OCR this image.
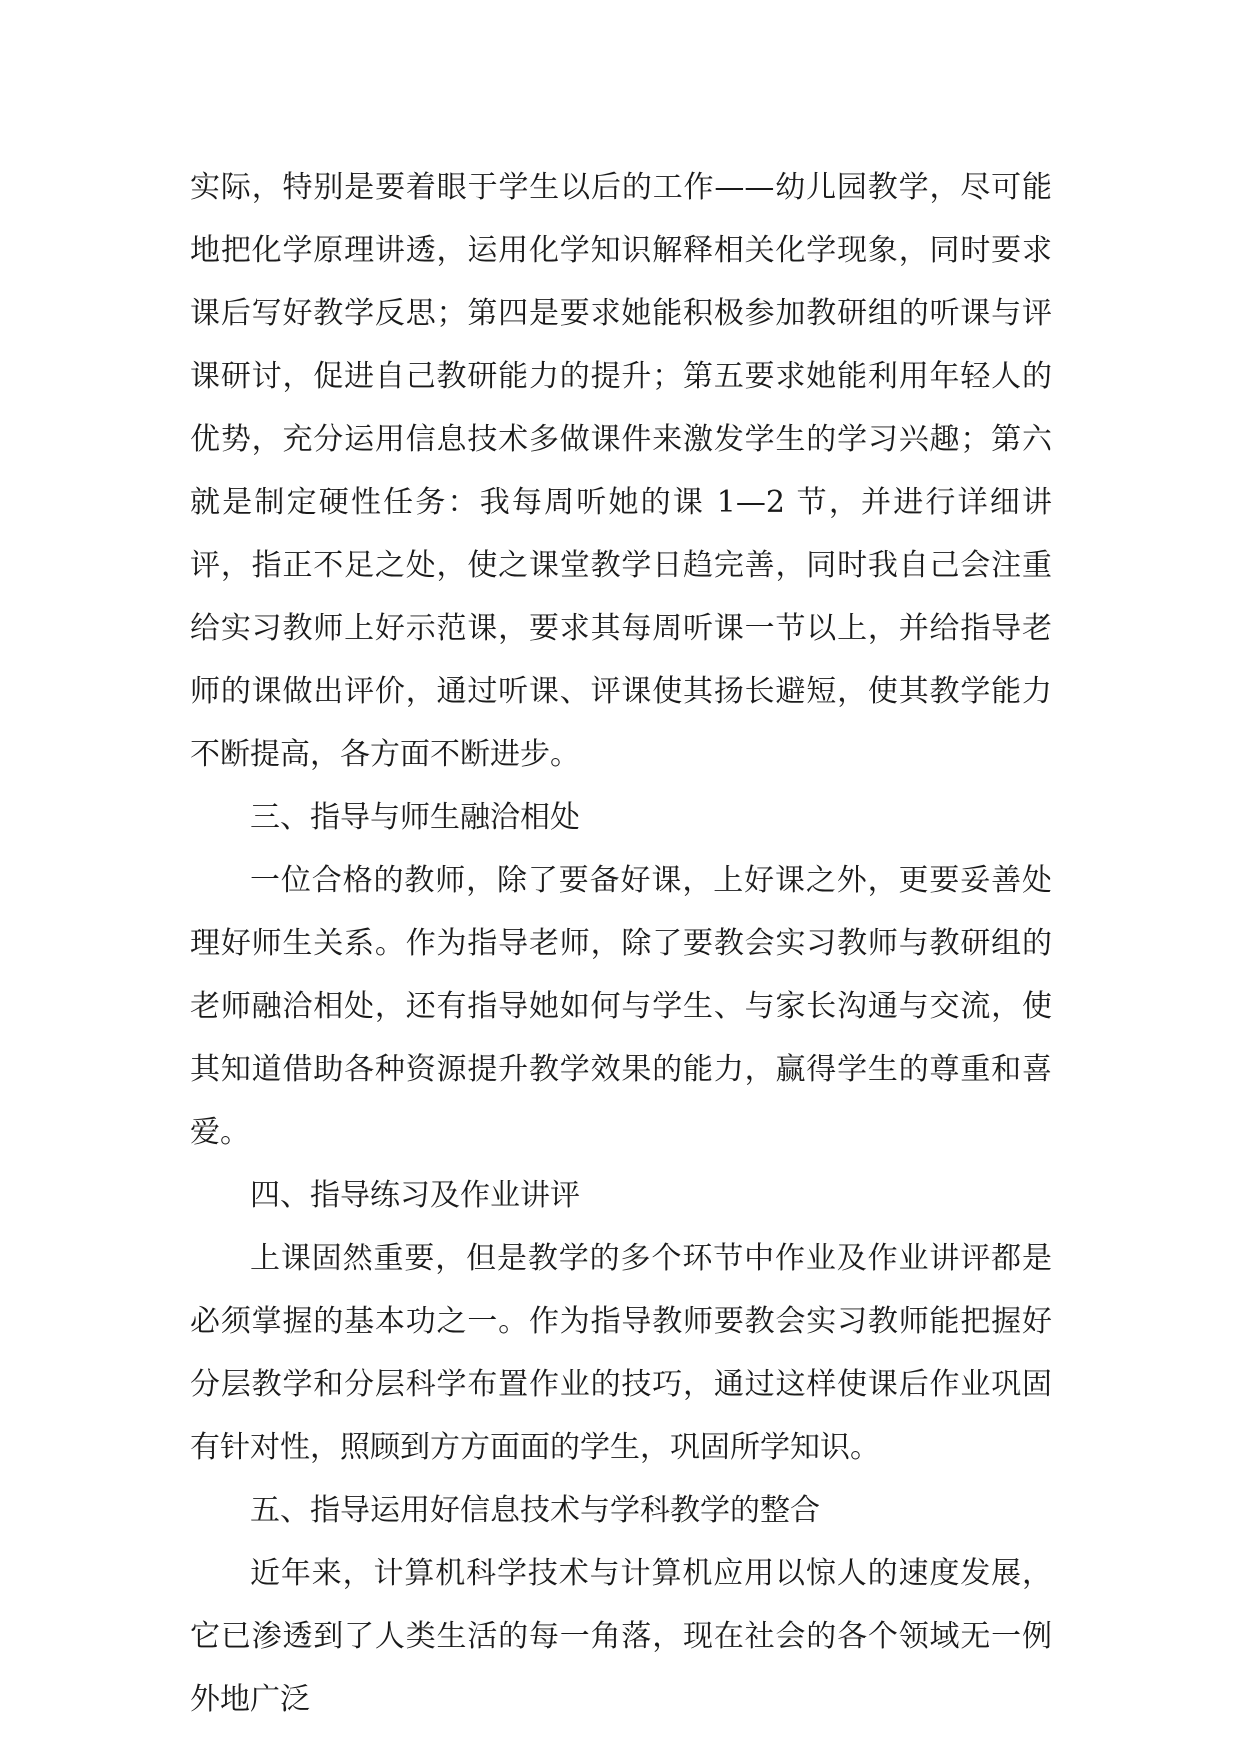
实际，特别是要着眼于学生以后的工作——幼儿园教学，尽可能地把化学原理讲透，运用化学知识解释相关化学现象，同时要求课后写好教学反思；第四是要求她能积极参加教研组的听课与评课研讨，促进自己教研能力的提升；第五要求她能利用年轻人的优势，充分运用信息技术多做课件来激发学生的学习兴趣；第六就是制定硬性任务：我每周听她的课 1—2 节，并进行详细讲评，指正不足之处，使之课堂教学日趋完善，同时我自己会注重给实习教师上好示范课，要求其每周听课一节以上，并给指导老师的课做出评价，通过听课、评课使其扬长避短，使其教学能力不断提高，各方面不断进步。

三、指导与师生融洽相处

一位合格的教师，除了要备好课，上好课之外，更要妥善处理好师生关系。作为指导老师，除了要教会实习教师与教研组的老师融洽相处，还有指导她如何与学生、与家长沟通与交流，使其知道借助各种资源提升教学效果的能力，赢得学生的尊重和喜爱。

四、指导练习及作业讲评

上课固然重要，但是教学的多个环节中作业及作业讲评都是必须掌握的基本功之一。作为指导教师要教会实习教师能把握好分层教学和分层科学布置作业的技巧，通过这样使课后作业巩固有针对性，照顾到方方面面的学生，巩固所学知识。

五、指导运用好信息技术与学科教学的整合

近年来，计算机科学技术与计算机应用以惊人的速度发展，它已渗透到了人类生活的每一角落，现在社会的各个领域无一例外地广泛
